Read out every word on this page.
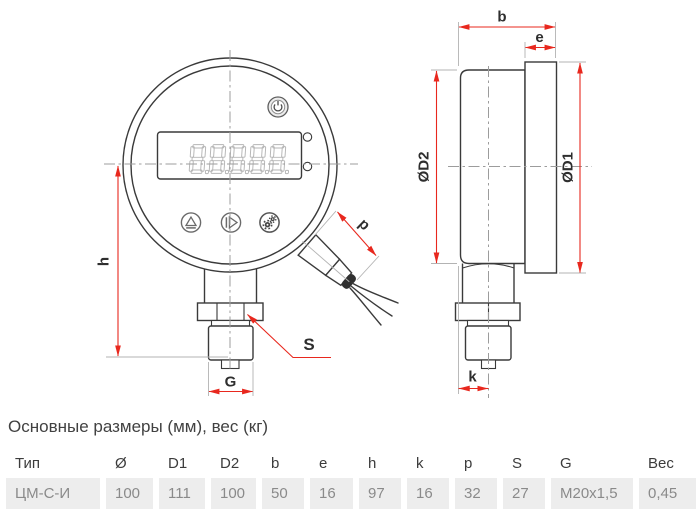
h
G
S
p
b
e
ØD2	ØD1
k
Основные размеры (мм), вес (кг)
Тип	Ø	D1	D2	b	e	h	k	p	S	G	Вес
ЦМ-С-И	100	111	100	50	16	97	16	32	27	M20x1,5	0,45
